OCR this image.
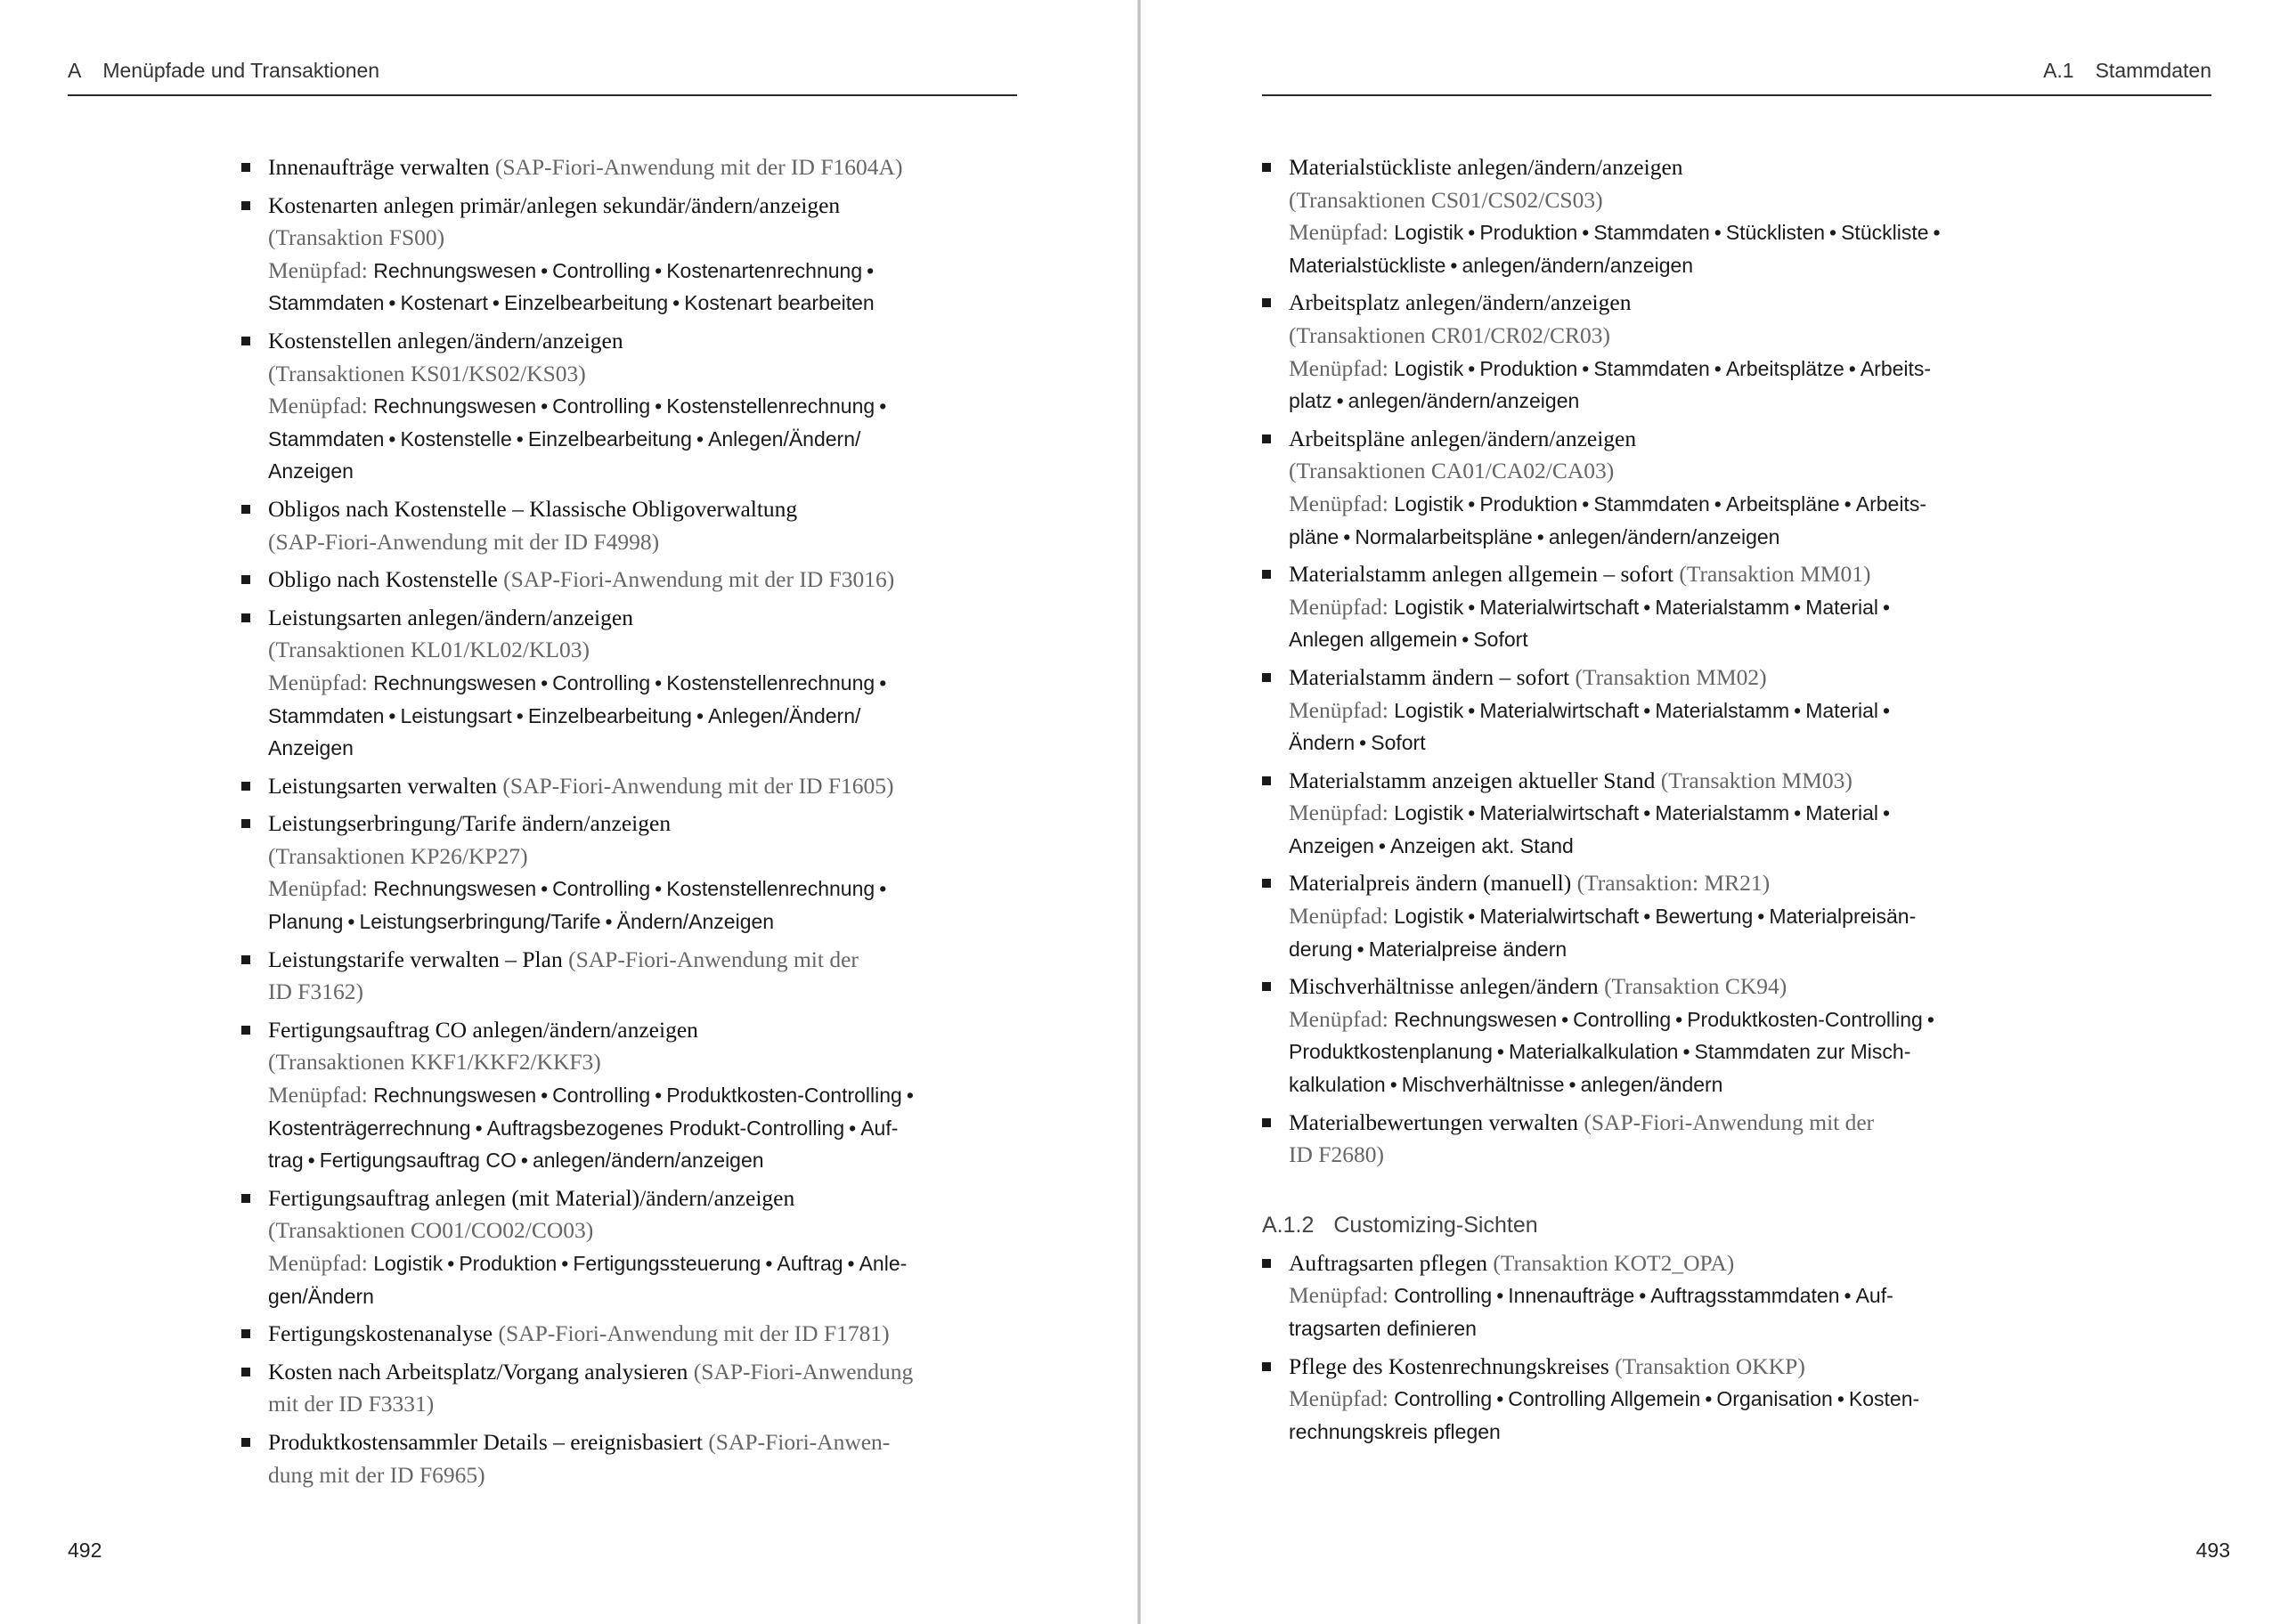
A Menüpfade und Transaktionen
Innenaufträge verwalten (SAP-Fiori-Anwendung mit der ID F1604A)
Kostenarten anlegen primär/anlegen sekundär/ändern/anzeigen
(Transaktion FS00)
Menüpfad: Rechnungswesen • Controlling • Kostenartenrechnung •
Stammdaten • Kostenart • Einzelbearbeitung • Kostenart bearbeiten
Kostenstellen anlegen/ändern/anzeigen
(Transaktionen KS01/KS02/KS03)
Menüpfad: Rechnungswesen • Controlling • Kostenstellenrechnung •
Stammdaten • Kostenstelle • Einzelbearbeitung • Anlegen/Ändern/
Anzeigen
Obligos nach Kostenstelle – Klassische Obligoverwaltung
(SAP-Fiori-Anwendung mit der ID F4998)
Obligo nach Kostenstelle (SAP-Fiori-Anwendung mit der ID F3016)
Leistungsarten anlegen/ändern/anzeigen
(Transaktionen KL01/KL02/KL03)
Menüpfad: Rechnungswesen • Controlling • Kostenstellenrechnung •
Stammdaten • Leistungsart • Einzelbearbeitung • Anlegen/Ändern/
Anzeigen
Leistungsarten verwalten (SAP-Fiori-Anwendung mit der ID F1605)
Leistungserbringung/Tarife ändern/anzeigen
(Transaktionen KP26/KP27)
Menüpfad: Rechnungswesen • Controlling • Kostenstellenrechnung •
Planung • Leistungserbringung/Tarife • Ändern/Anzeigen
Leistungstarife verwalten – Plan (SAP-Fiori-Anwendung mit der
ID F3162)
Fertigungsauftrag CO anlegen/ändern/anzeigen
(Transaktionen KKF1/KKF2/KKF3)
Menüpfad: Rechnungswesen • Controlling • Produktkosten-Controlling •
Kostenträgerrechnung • Auftragsbezogenes Produkt-Controlling • Auf-
trag • Fertigungsauftrag CO • anlegen/ändern/anzeigen
Fertigungsauftrag anlegen (mit Material)/ändern/anzeigen
(Transaktionen CO01/CO02/CO03)
Menüpfad: Logistik • Produktion • Fertigungssteuerung • Auftrag • Anle-
gen/Ändern
Fertigungskostenanalyse (SAP-Fiori-Anwendung mit der ID F1781)
Kosten nach Arbeitsplatz/Vorgang analysieren (SAP-Fiori-Anwendung
mit der ID F3331)
Produktkostensammler Details – ereignisbasiert (SAP-Fiori-Anwen-
dung mit der ID F6965)
492
A.1 Stammdaten
Materialstückliste anlegen/ändern/anzeigen
(Transaktionen CS01/CS02/CS03)
Menüpfad: Logistik • Produktion • Stammdaten • Stücklisten • Stückliste •
Materialstückliste • anlegen/ändern/anzeigen
Arbeitsplatz anlegen/ändern/anzeigen
(Transaktionen CR01/CR02/CR03)
Menüpfad: Logistik • Produktion • Stammdaten • Arbeitsplätze • Arbeits-
platz • anlegen/ändern/anzeigen
Arbeitspläne anlegen/ändern/anzeigen
(Transaktionen CA01/CA02/CA03)
Menüpfad: Logistik • Produktion • Stammdaten • Arbeitspläne • Arbeits-
pläne • Normalarbeitspläne • anlegen/ändern/anzeigen
Materialstamm anlegen allgemein – sofort (Transaktion MM01)
Menüpfad: Logistik • Materialwirtschaft • Materialstamm • Material •
Anlegen allgemein • Sofort
Materialstamm ändern – sofort (Transaktion MM02)
Menüpfad: Logistik • Materialwirtschaft • Materialstamm • Material •
Ändern • Sofort
Materialstamm anzeigen aktueller Stand (Transaktion MM03)
Menüpfad: Logistik • Materialwirtschaft • Materialstamm • Material •
Anzeigen • Anzeigen akt. Stand
Materialpreis ändern (manuell) (Transaktion: MR21)
Menüpfad: Logistik • Materialwirtschaft • Bewertung • Materialpreisän-
derung • Materialpreise ändern
Mischverhältnisse anlegen/ändern (Transaktion CK94)
Menüpfad: Rechnungswesen • Controlling • Produktkosten-Controlling •
Produktkostenplanung • Materialkalkulation • Stammdaten zur Misch-
kalkulation • Mischverhältnisse • anlegen/ändern
Materialbewertungen verwalten (SAP-Fiori-Anwendung mit der
ID F2680)
A.1.2 Customizing-Sichten
Auftragsarten pflegen (Transaktion KOT2_OPA)
Menüpfad: Controlling • Innenaufträge • Auftragsstammdaten • Auf-
tragsarten definieren
Pflege des Kostenrechnungskreises (Transaktion OKKP)
Menüpfad: Controlling • Controlling Allgemein • Organisation • Kosten-
rechnungskreis pflegen
493
